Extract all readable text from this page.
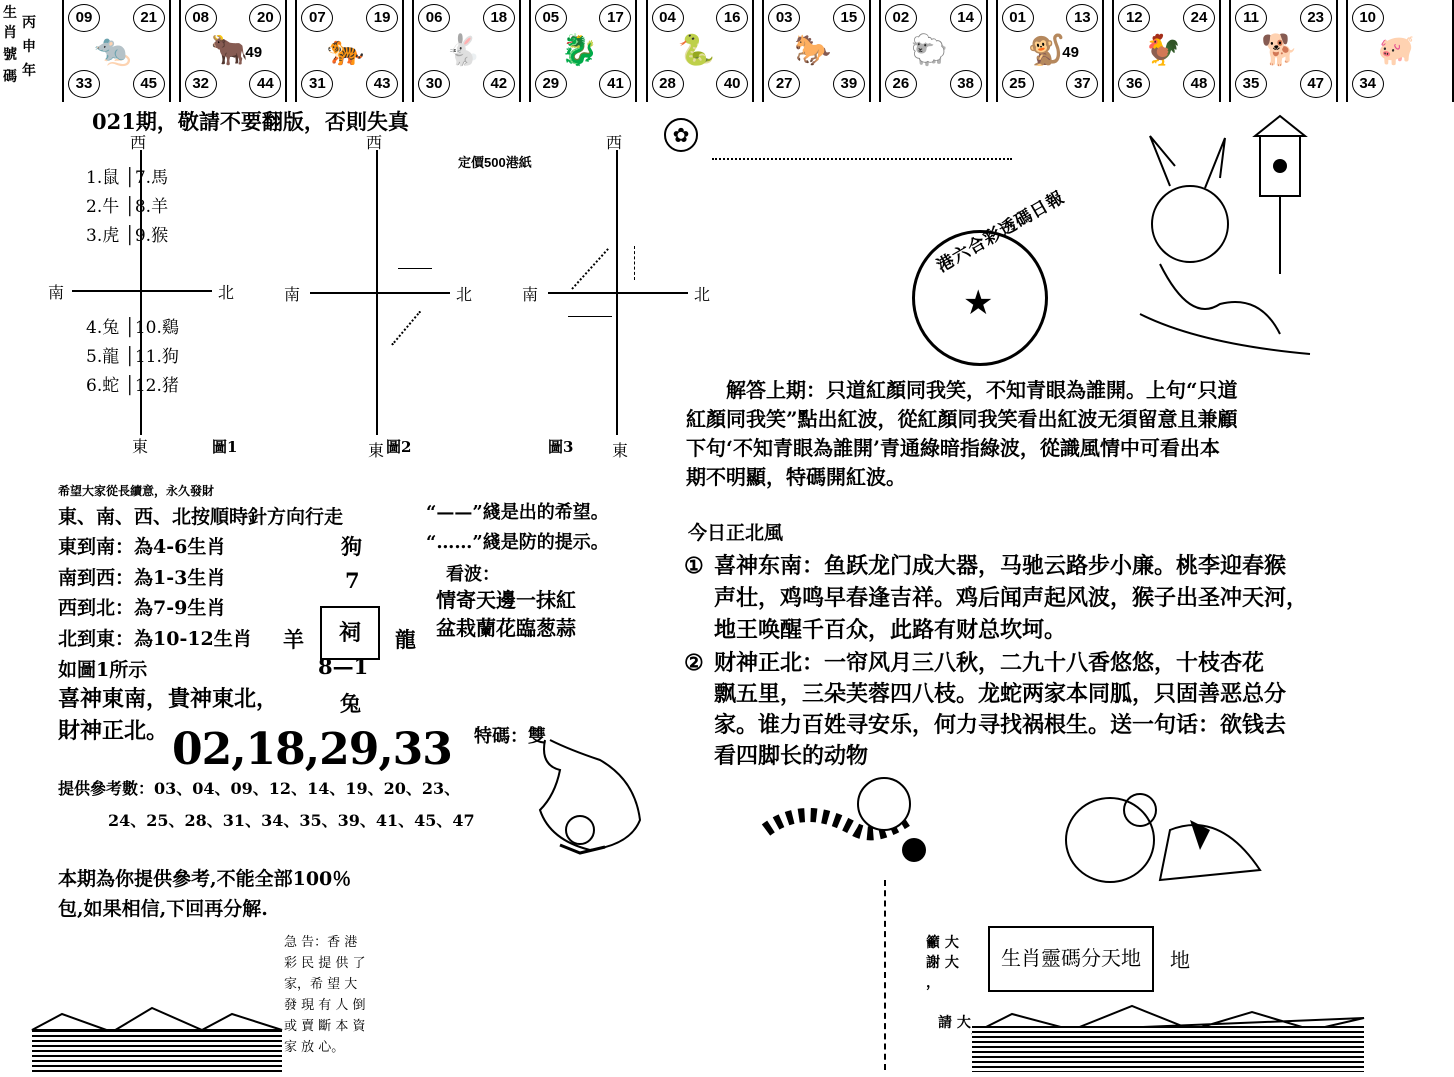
生
肖
號
碼
丙
申
年
09	21
33	45
🐀
08	20
32	44
49
🐂
07	19
31	43
🐅
06	18
30	42
🐇
05	17
29	41
🐉
04	16
28	40
🐍
03	15
27	39
🐎
02	14
26	38
🐑
01	13
25	37
49
🐒
12	24
36	48
🐓
11	23
35	47
🐕
10
34
🐖
021期，敬請不要翻版，否則失真
定價500港紙
西
南	北
東
1.鼠 │7.馬
2.牛 │8.羊
3.虎 │9.猴
4.兔 │10.鷄
5.龍 │11.狗
6.蛇 │12.猪
圖1
西
南	北
東 圖2
西
南	北
東
圖3
✿
希望大家從長續意，永久發財
東、南、西、北按順時針方向行走
東到南：為4-6生肖
南到西：為1-3生肖
西到北：為7-9生肖
北到東：為10-12生肖 羊
狗
7
祠	龍
如圖1所示	8—1
喜神東南，貴神東北，	兔
財神正北。 02,18,29,33
提供參考數：03、04、09、12、14、19、20、23、
24、25、28、31、34、35、39、41、45、47
本期為你提供參考,不能全部100％
包,如果相信,下回再分解.
特碼：雙
“——”綫是出的希望。
“……”綫是防的提示。
看波：
情寄天邊一抹紅
盆栽蘭花臨葱蒜
急 告：香 港
彩 民 提 供 了
家，希 望 大
發 現 有 人 倒
或 賣 斷 本 資
家 放 心。
港六合彩透碼日報
★
解答上期：只道紅顏同我笑，不知青眼為誰開。上句“只道
紅顏同我笑”點出紅波，從紅顏同我笑看出紅波无須留意且兼顧
下句‘不知青眼為誰開’青通綠暗指綠波，從識風情中可看出本
期不明顯，特碼開紅波。
今日正北風
① 喜神东南：鱼跃龙门成大器，马驰云路步小廉。桃李迎春猴
声壮，鸡鸣早春逢吉祥。鸡后闻声起风波，猴子出圣冲天河，
地王唤醒千百众，此路有财总坎坷。
② 财神正北：一帘风月三八秋，二九十八香悠悠，十枝杏花
飘五里，三朵芙蓉四八枝。龙蛇两家本同胍，只固善恶总分
家。谁力百姓寻安乐，何力寻找祸根生。送一句话：欲钱去
看四脚长的动物
籲 大
謝 大
，
請 大
生肖靈碼分天地	地
